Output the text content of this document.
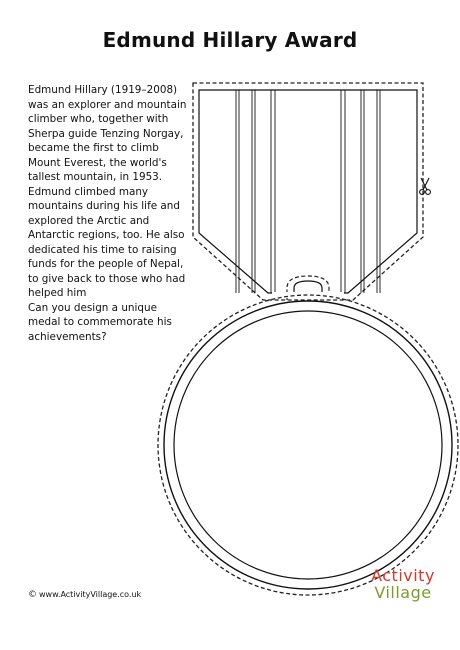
Edmund Hillary Award
Edmund Hillary (1919–2008)
was an explorer and mountain
climber who, together with
Sherpa guide Tenzing Norgay,
became the first to climb
Mount Everest, the world's
tallest mountain, in 1953.
Edmund climbed many
mountains during his life and
explored the Arctic and
Antarctic regions, too. He also
dedicated his time to raising
funds for the people of Nepal,
to give back to those who had
helped him
Can you design a unique
medal to commemorate his
achievements?
© www.ActivityVillage.co.uk
Activity
Village
